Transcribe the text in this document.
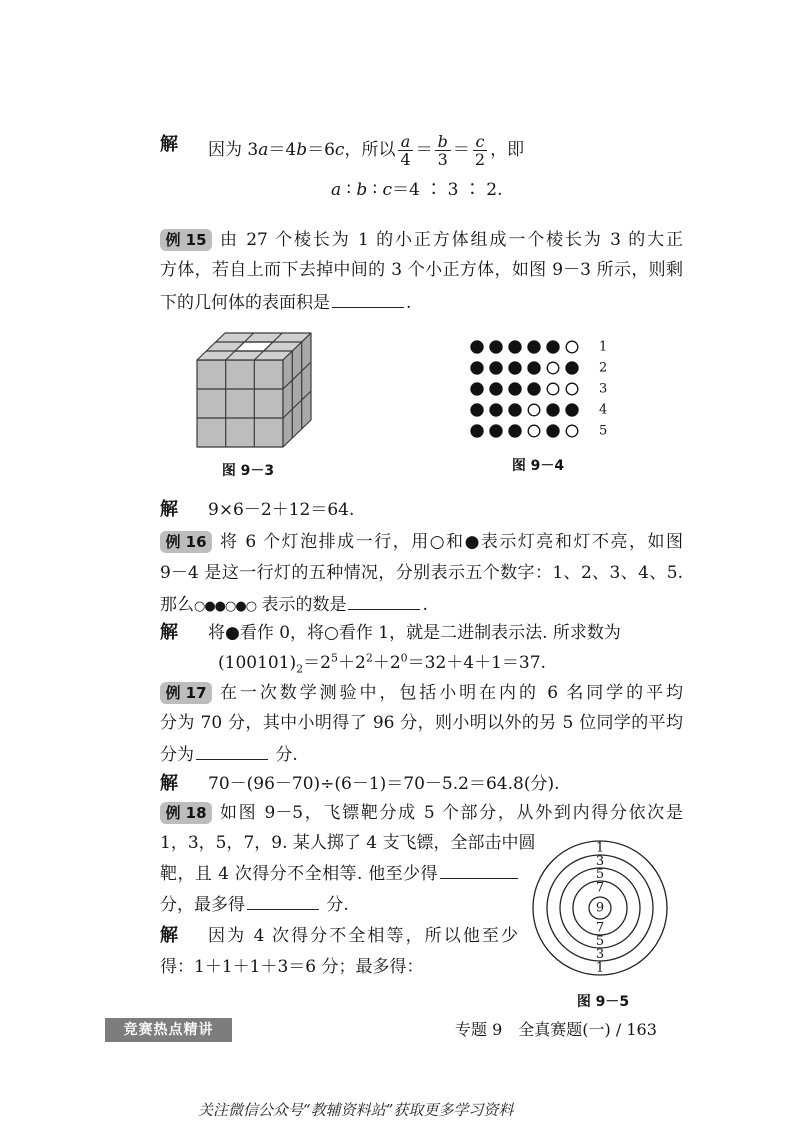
解 因为 3a＝4b＝6c，所以 $\frac{a}{4} = \frac{b}{3} = \frac{c}{2}$ ，即
a ∶ b ∶ c＝4 ∶ 3 ∶ 2.
例 15 由 27 个棱长为 1 的小正方体组成一个棱长为 3 的大正
方体，若自上而下去掉中间的 3 个小正方体，如图 9－3 所示，则剩
下的几何体的表面积是	.
图 9－3
1
2
3
4
5
图 9－4
解 9×6－2＋12＝64.
例 16 将 6 个灯泡排成一行，用○和●表示灯亮和灯不亮，如图
9－4 是这一行灯的五种情况，分别表示五个数字：1、2、3、4、5.
那么○●●○●○ 表示的数是	.
解 将●看作 0，将○看作 1，就是二进制表示法. 所求数为
$(100101)_2=2^5+2^2+2^0=32+4+1=37$.
例 17 在一次数学测验中，包括小明在内的 6 名同学的平均
分为 70 分，其中小明得了 96 分，则小明以外的另 5 位同学的平均
分为	分.
解 70－(96－70)÷(6－1)＝70－5.2＝64.8(分).
例 18 如图 9－5，飞镖靶分成 5 个部分，从外到内得分依次是
1，3，5，7，9. 某人掷了 4 支飞镖，全部击中圆
靶，且 4 次得分不全相等. 他至少得
分，最多得	分.
解 因为 4 次得分不全相等，所以他至少
得：1＋1＋1＋3＝6 分；最多得：
1
3
5
7
9
7
5
3
1
图 9－5
竞赛热点精讲	专题 9　全真赛题(一) / 163
关注微信公众号“教辅资料站”获取更多学习资料
